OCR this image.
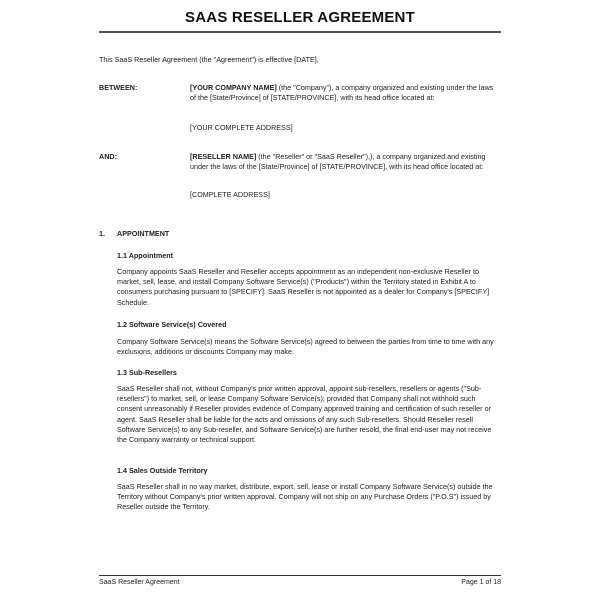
SAAS RESELLER AGREEMENT
This SaaS Reseller Agreement (the "Agreement") is effective [DATE],
BETWEEN:	[YOUR COMPANY NAME] (the "Company"), a company organized and existing under the laws of the [State/Province] of [STATE/PROVINCE], with its head office located at:
[YOUR COMPLETE ADDRESS]
AND:	[RESELLER NAME] (the "Reseller" or "SaaS Reseller"),), a company organized and existing under the laws of the [State/Province] of [STATE/PROVINCE], with its head office located at:
[COMPLETE ADDRESS]
1. APPOINTMENT
1.1 Appointment
Company appoints SaaS Reseller and Reseller accepts appointment as an independent non-exclusive Reseller to market, sell, lease, and install Company Software Service(s) ("Products") within the Territory stated in Exhibit A to consumers purchasing pursuant to [SPECIFY]. SaaS Reseller is not appointed as a dealer for Company's [SPECIFY] Schedule.
1.2 Software Service(s) Covered
Company Software Service(s) means the Software Service(s) agreed to between the parties from time to time with any exclusions, additions or discounts Company may make.
1.3 Sub-Resellers
SaaS Reseller shall not, without Company's prior written approval, appoint sub-resellers, resellers or agents ("Sub-resellers") to market, sell, or lease Company Software Service(s); provided that Company shall not withhold such consent unreasonably if Reseller provides evidence of Company approved training and certification of such reseller or agent. SaaS Reseller shall be liable for the acts and omissions of any such Sub-resellers. Should Reseller resell Software Service(s) to any Sub-reseller, and Software Service(s) are further resold, the final end-user may not receive the Company warranty or technical support.
1.4 Sales Outside Territory
SaaS Reseller shall in no way market, distribute, export, sell, lease or install Company Software Service(s) outside the Territory without Company's prior written approval. Company will not ship on any Purchase Orders ("P.O.S") issued by Reseller outside the Territory.
SaaS Reseller Agreement	Page 1 of 18
